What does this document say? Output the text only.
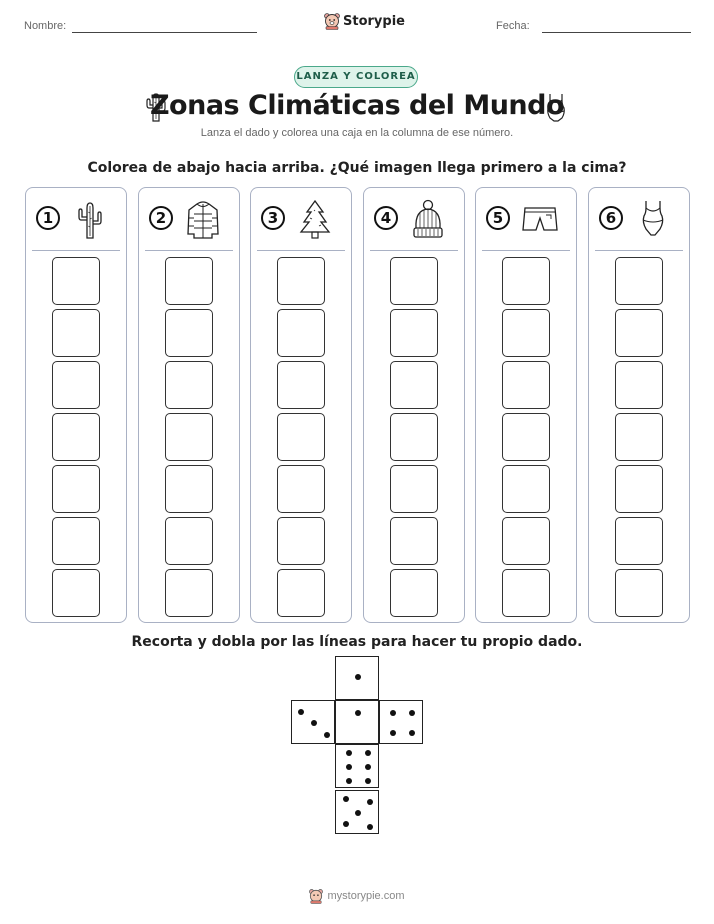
Nombre:	Storypie	Fecha:
LANZA Y COLOREA
Zonas Climáticas del Mundo
Lanza el dado y colorea una caja en la columna de ese número.
Colorea de abajo hacia arriba. ¿Qué imagen llega primero a la cima?
1	2	3	4	5	6
Recorta y dobla por las líneas para hacer tu propio dado.
mystorypie.com
